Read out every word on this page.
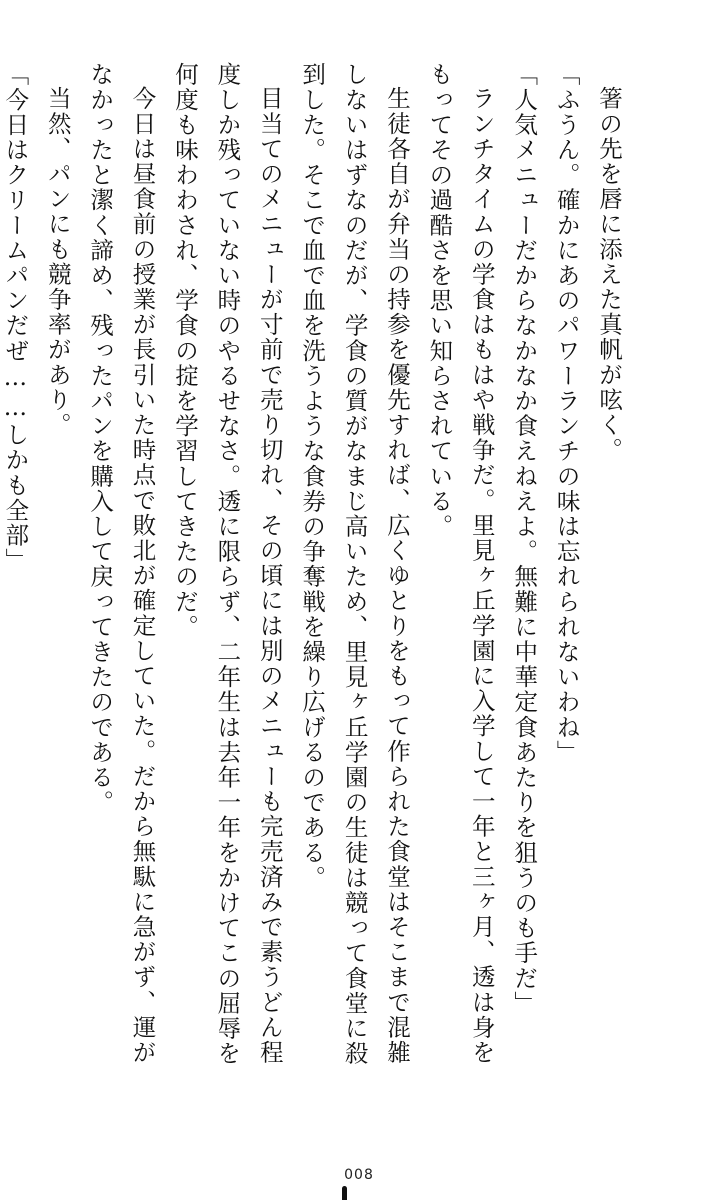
箸の先を唇に添えた真帆が呟く。
「ふうん。確かにあのパワーランチの味は忘れられないわね」
「人気メニューだからなかなか食えねえよ。無難に中華定食あたりを狙うのも手だ」
ランチタイムの学食はもはや戦争だ。里見ヶ丘学園に入学して一年と三ヶ月、透は身を
もってその過酷さを思い知らされている。
生徒各自が弁当の持参を優先すれば、広くゆとりをもって作られた食堂はそこまで混雑
しないはずなのだが、学食の質がなまじ高いため、里見ヶ丘学園の生徒は競って食堂に殺
到した。そこで血で血を洗うような食券の争奪戦を繰り広げるのである。
目当てのメニューが寸前で売り切れ、その頃には別のメニューも完売済みで素うどん程
度しか残っていない時のやるせなさ。透に限らず、二年生は去年一年をかけてこの屈辱を
何度も味わわされ、学食の掟を学習してきたのだ。
今日は昼食前の授業が長引いた時点で敗北が確定していた。だから無駄に急がず、運が
なかったと潔く諦め、残ったパンを購入して戻ってきたのである。
当然、パンにも競争率があり。
「今日はクリームパンだぜ……しかも全部」
008
